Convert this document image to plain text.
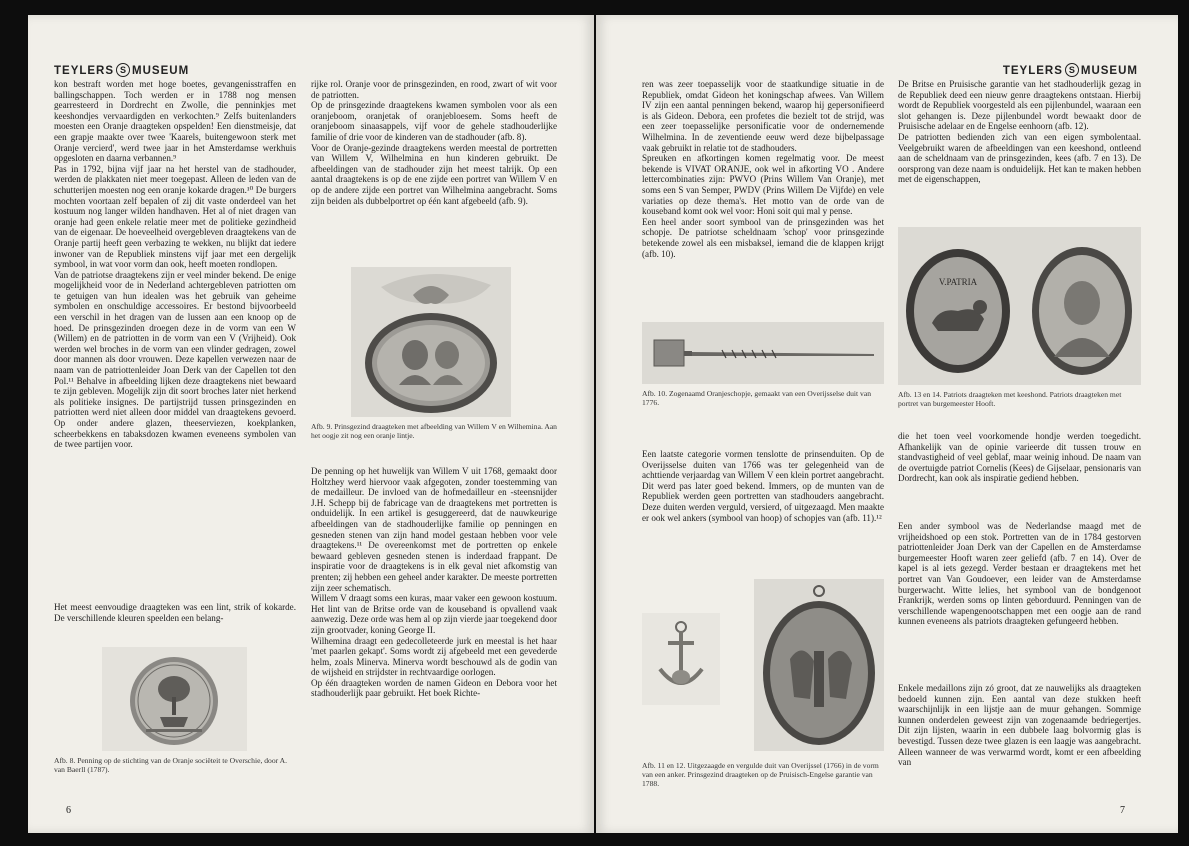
TEYLERS S MUSEUM

kon bestraft worden met hoge boetes, gevangenisstraffen en ballingschappen. Toch werden er in 1788 nog mensen gearresteerd in Dordrecht en Zwolle, die penninkjes met keeshondjes vervaardigden en verkochten.⁹ Zelfs buitenlanders moesten een Oranje draagteken opspelden! Een dienstmeisje, dat een grapje maakte over twee 'Kaarels, buitengewoon sterk met Oranje vercierd', werd twee jaar in het Amsterdamse werkhuis opgesloten en daarna verbannen.⁹

Pas in 1792, bijna vijf jaar na het herstel van de stadhouder, werden de plakkaten niet meer toegepast. Alleen de leden van de schutterijen moesten nog een oranje kokarde dragen.¹⁰ De burgers mochten voortaan zelf bepalen of zij dit vaste onderdeel van het kostuum nog langer wilden handhaven. Het al of niet dragen van oranje had geen enkele relatie meer met de politieke gezindheid van de eigenaar. De hoeveelheid overgebleven draagtekens van de Oranje partij heeft geen verbazing te wekken, nu blijkt dat iedere inwoner van de Republiek minstens vijf jaar met een dergelijk symbool, in wat voor vorm dan ook, heeft moeten rondlopen.

Van de patriotse draagtekens zijn er veel minder bekend. De enige mogelijkheid voor de in Nederland achtergebleven patriotten om te getuigen van hun idealen was het gebruik van geheime symbolen en onschuldige accessoires. Er bestond bijvoorbeeld een verschil in het dragen van de lussen aan een knoop op de hoed. De prinsgezinden droegen deze in de vorm van een W (Willem) en de patriotten in de vorm van een V (Vrijheid). Ook werden wel broches in de vorm van een vlinder gedragen, zowel door mannen als door vrouwen. Deze kapellen verwezen naar de naam van de patriottenleider Joan Derk van der Capellen tot den Pol.¹¹ Behalve in afbeelding lijken deze draagtekens niet bewaard te zijn gebleven. Mogelijk zijn dit soort broches later niet herkend als politieke insignes. De partijstrijd tussen prinsgezinden en patriotten werd niet alleen door middel van draagtekens gevoerd. Op onder andere glazen, theeserviezen, koekplanken, scheerbekkens en tabaksdozen kwamen eveneens symbolen van de twee partijen voor.

Het meest eenvoudige draagteken was een lint, strik of kokarde. De verschillende kleuren speelden een belang-

Afb. 8. Penning op de stichting van de Oranje sociëteit te Overschie, door A. van Baerll (1787).

rijke rol. Oranje voor de prinsgezinden, en rood, zwart of wit voor de patriotten.

Op de prinsgezinde draagtekens kwamen symbolen voor als een oranjeboom, oranjetak of oranjebloesem. Soms heeft de oranjeboom sinaasappels, vijf voor de gehele stadhouderlijke familie of drie voor de kinderen van de stadhouder (afb. 8).

Voor de Oranje-gezinde draagtekens werden meestal de portretten van Willem V, Wilhelmina en hun kinderen gebruikt. De afbeeldingen van de stadhouder zijn het meest talrijk. Op een aantal draagtekens is op de ene zijde een portret van Willem V en op de andere zijde een portret van Wilhelmina aangebracht. Soms zijn beiden als dubbelportret op één kant afgebeeld (afb. 9).

Afb. 9. Prinsgezind draagteken met afbeelding van Willem V en Wilhemina. Aan het oogje zit nog een oranje lintje.

De penning op het huwelijk van Willem V uit 1768, gemaakt door Holtzhey werd hiervoor vaak afgegoten, zonder toestemming van de medailleur. De invloed van de hofmedailleur en -steensnijder J.H. Schepp bij de fabricage van de draagtekens met portretten is onduidelijk. In een artikel is gesuggereerd, dat de nauwkeurige afbeeldingen van de stadhouderlijke familie op penningen en gesneden stenen van zijn hand model gestaan hebben voor vele draagtekens.¹¹ De overeenkomst met de portretten op enkele bewaard gebleven gesneden stenen is inderdaad frappant. De inspiratie voor de draagtekens is in elk geval niet afkomstig van prenten; zij hebben een geheel ander karakter. De meeste portretten zijn zeer schematisch.

Willem V draagt soms een kuras, maar vaker een gewoon kostuum. Het lint van de Britse orde van de kouseband is opvallend vaak aanwezig. Deze orde was hem al op zijn vierde jaar toegekend door zijn grootvader, koning George II.

Wilhemina draagt een gedecolleteerde jurk en meestal is het haar 'met paarlen gekapt'. Soms wordt zij afgebeeld met een gevederde helm, zoals Minerva. Minerva wordt beschouwd als de godin van de wijsheid en strijdster in rechtvaardige oorlogen.

Op één draagteken worden de namen Gideon en Debora voor het stadhouderlijk paar gebruikt. Het boek Richte-

6
TEYLERS S MUSEUM

ren was zeer toepasselijk voor de staatkundige situatie in de Republiek, omdat Gideon het koningschap afwees. Van Willem IV zijn een aantal penningen bekend, waarop hij gepersonifieerd is als Gideon. Debora, een profetes die bezielt tot de strijd, was een zeer toepasselijke personificatie voor de ondernemende Wilhelmina. In de zeventiende eeuw werd deze bijbelpassage vaak gebruikt in relatie tot de stadhouders.

Spreuken en afkortingen komen regelmatig voor. De meest bekende is VIVAT ORANJE, ook wel in afkorting VO . Andere lettercombinaties zijn: PWVO (Prins Willem Van Oranje), met soms een S van Semper, PWDV (Prins Willem De Vijfde) en vele variaties op deze thema's. Het motto van de orde van de kouseband komt ook wel voor: Honi soit qui mal y pense.

Een heel ander soort symbool van de prinsgezinden was het schopje. De patriotse scheldnaam 'schop' voor prinsgezinde betekende zowel als een misbaksel, iemand die de klappen krijgt (afb. 10).

Afb. 10. Zogenaamd Oranjeschopje, gemaakt van een Overijsselse duit van 1776.

Een laatste categorie vormen tenslotte de prinsenduiten. Op de Overijsselse duiten van 1766 was ter gelegenheid van de achttiende verjaardag van Willem V een klein portret aangebracht. Dit werd pas later goed bekend. Immers, op de munten van de Republiek werden geen portretten van stadhouders aangebracht. Deze duiten werden verguld, versierd, of uitgezaagd. Men maakte er ook wel ankers (symbool van hoop) of schopjes van (afb. 11).¹²

Afb. 11 en 12. Uitgezaagde en vergulde duit van Overijssel (1766) in de vorm van een anker. Prinsgezind draagteken op de Pruisisch-Engelse garantie van 1788.

De Britse en Pruisische garantie van het stadhouderlijk gezag in de Republiek deed een nieuw genre draagtekens ontstaan. Hierbij wordt de Republiek voorgesteld als een pijlenbundel, waaraan een slot gehangen is. Deze pijlenbundel wordt bewaakt door de Pruisische adelaar en de Engelse eenhoorn (afb. 12).
De patriotten bedienden zich van een eigen symbolentaal. Veelgebruikt waren de afbeeldingen van een keeshond, ontleend aan de scheldnaam van de prinsgezinden, kees (afb. 7 en 13). De oorsprong van deze naam is onduidelijk. Het kan te maken hebben met de eigenschappen,

V.PATRIA
Afb. 13 en 14. Patriots draagteken met keeshond. Patriots draagteken met portret van burgemeester Hooft.

die het toen veel voorkomende hondje werden toegedicht. Afhankelijk van de opinie varieerde dit tussen trouw en standvastigheid of veel geblaf, maar weinig inhoud. De naam van de overtuigde patriot Cornelis (Kees) de Gijselaar, pensionaris van Dordrecht, kan ook als inspiratie gediend hebben.

Een ander symbool was de Nederlandse maagd met de vrijheidshoed op een stok. Portretten van de in 1784 gestorven patriottenleider Joan Derk van der Capellen en de Amsterdamse burgemeester Hooft waren zeer geliefd (afb. 7 en 14). Over de kapel is al iets gezegd. Verder bestaan er draagtekens met het portret van Van Goudoever, een leider van de Amsterdamse burgerwacht. Witte lelies, het symbool van de bondgenoot Frankrijk, werden soms op linten geborduurd. Penningen van de verschillende wapengenootschappen met een oogje aan de rand kunnen eveneens als patriots draagteken gefungeerd hebben.

Enkele medaillons zijn zó groot, dat ze nauwelijks als draagteken bedoeld kunnen zijn. Een aantal van deze stukken heeft waarschijnlijk in een lijstje aan de muur gehangen. Sommige kunnen onderdelen geweest zijn van zogenaamde bedriegertjes. Dit zijn lijsten, waarin in een dubbele laag bolvormig glas is bevestigd. Tussen deze twee glazen is een laagje was aangebracht. Alleen wanneer de was verwarmd wordt, komt er een afbeelding van

7
